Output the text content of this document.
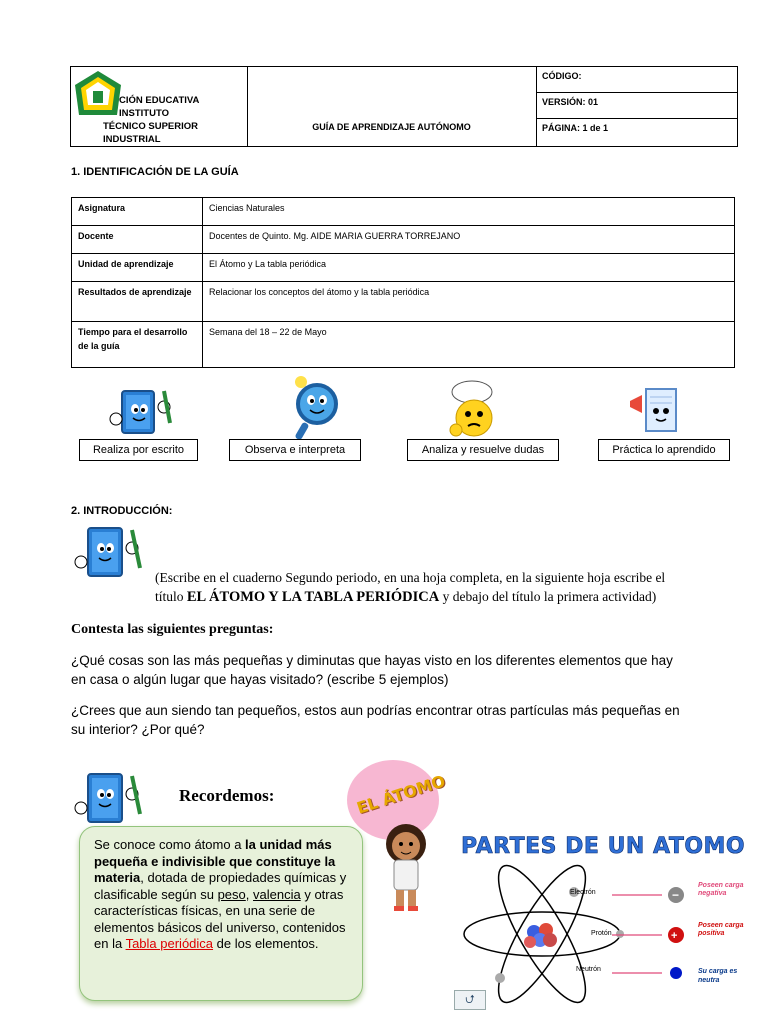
CIÓN EDUCATIVA INSTITUTO
TÉCNICO SUPERIOR INDUSTRIAL
GUÍA DE APRENDIZAJE AUTÓNOMO
CÓDIGO:
VERSIÓN: 01
PÁGINA: 1 de 1
1. IDENTIFICACIÓN DE LA GUÍA
Asignatura	Ciencias Naturales
Docente	Docentes de Quinto. Mg. AIDE MARIA GUERRA TORREJANO
Unidad de aprendizaje	El Átomo y La tabla periódica
Resultados de aprendizaje	Relacionar los conceptos del átomo y la tabla periódica
Tiempo para el desarrollo de la guía	Semana del 18 – 22 de Mayo
Realiza por escrito	Observa e interpreta	Analiza y resuelve dudas	Práctica lo aprendido
2. INTRODUCCIÓN:
(Escribe en el cuaderno Segundo periodo, en una hoja completa, en la siguiente hoja escribe el
título EL ÁTOMO Y LA TABLA PERIÓDICA y debajo del título la primera actividad)
Contesta las siguientes preguntas:
¿Qué cosas son las más pequeñas y diminutas que hayas visto en los diferentes elementos que hay
en casa o algún lugar que hayas visitado? (escribe 5 ejemplos)
¿Crees que aun siendo tan pequeños, estos aun podrías encontrar otras partículas más pequeñas en
su interior? ¿Por qué?
Recordemos:
Se conoce como átomo a la unidad más pequeña e indivisible que constituye la materia, dotada de propiedades químicas y clasificable según su peso, valencia y otras características físicas, en una serie de elementos básicos del universo, contenidos en la Tabla periódica de los elementos.
EL ÁTOMO
PARTES DE UN ATOMO
−
+
Electrón
Protón
Neutrón
Poseen carga negativa
Poseen carga positiva
Su carga es neutra
⮍
